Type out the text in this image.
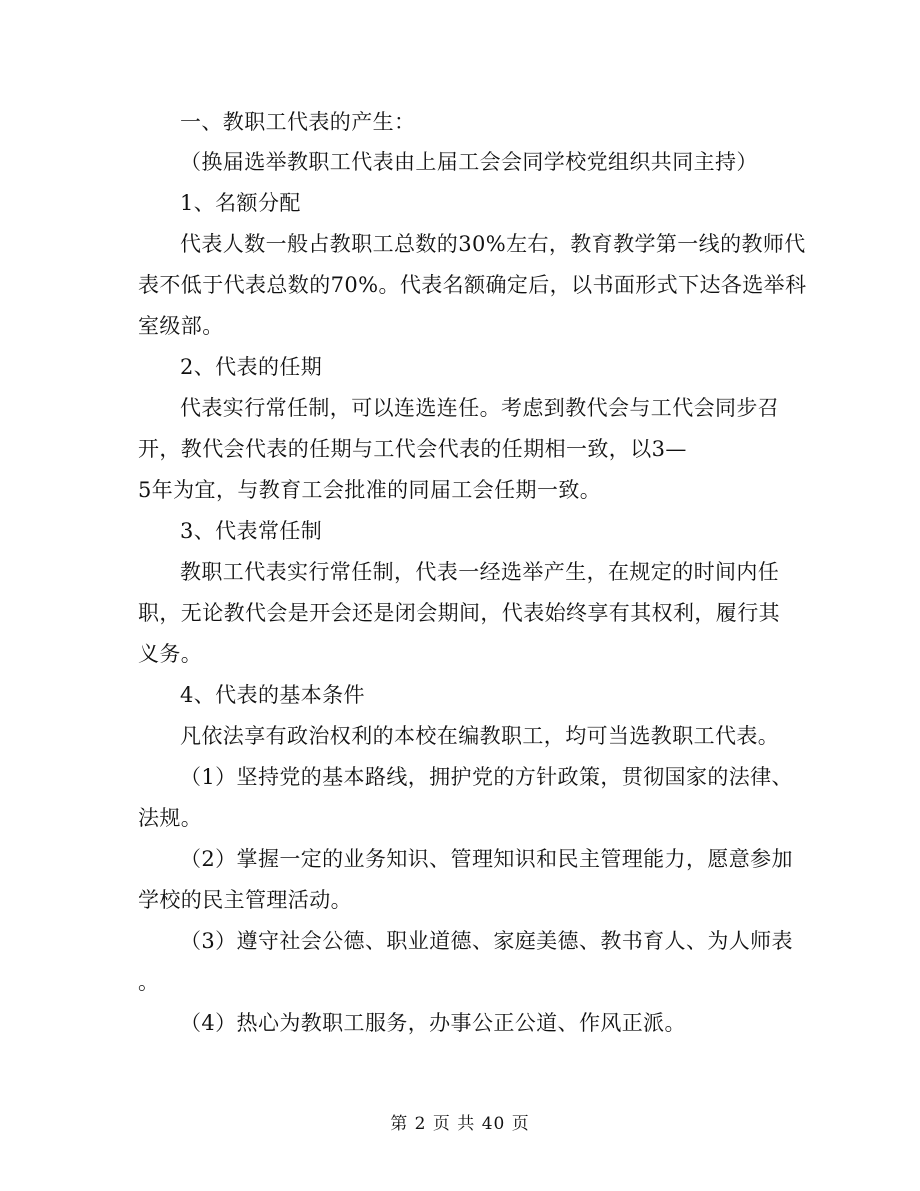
一、教职工代表的产生：
（换届选举教职工代表由上届工会会同学校党组织共同主持）
1、名额分配
代表人数一般占教职工总数的30%左右，教育教学第一线的教师代
表不低于代表总数的70%。代表名额确定后，以书面形式下达各选举科
室级部。
2、代表的任期
代表实行常任制，可以连选连任。考虑到教代会与工代会同步召
开，教代会代表的任期与工代会代表的任期相一致，以3—
5年为宜，与教育工会批准的同届工会任期一致。
3、代表常任制
教职工代表实行常任制，代表一经选举产生，在规定的时间内任
职，无论教代会是开会还是闭会期间，代表始终享有其权利，履行其
义务。
4、代表的基本条件
凡依法享有政治权利的本校在编教职工，均可当选教职工代表。
（1）坚持党的基本路线，拥护党的方针政策，贯彻国家的法律、
法规。
（2）掌握一定的业务知识、管理知识和民主管理能力，愿意参加
学校的民主管理活动。
（3）遵守社会公德、职业道德、家庭美德、教书育人、为人师表
。
（4）热心为教职工服务，办事公正公道、作风正派。
第 2 页 共 40 页
